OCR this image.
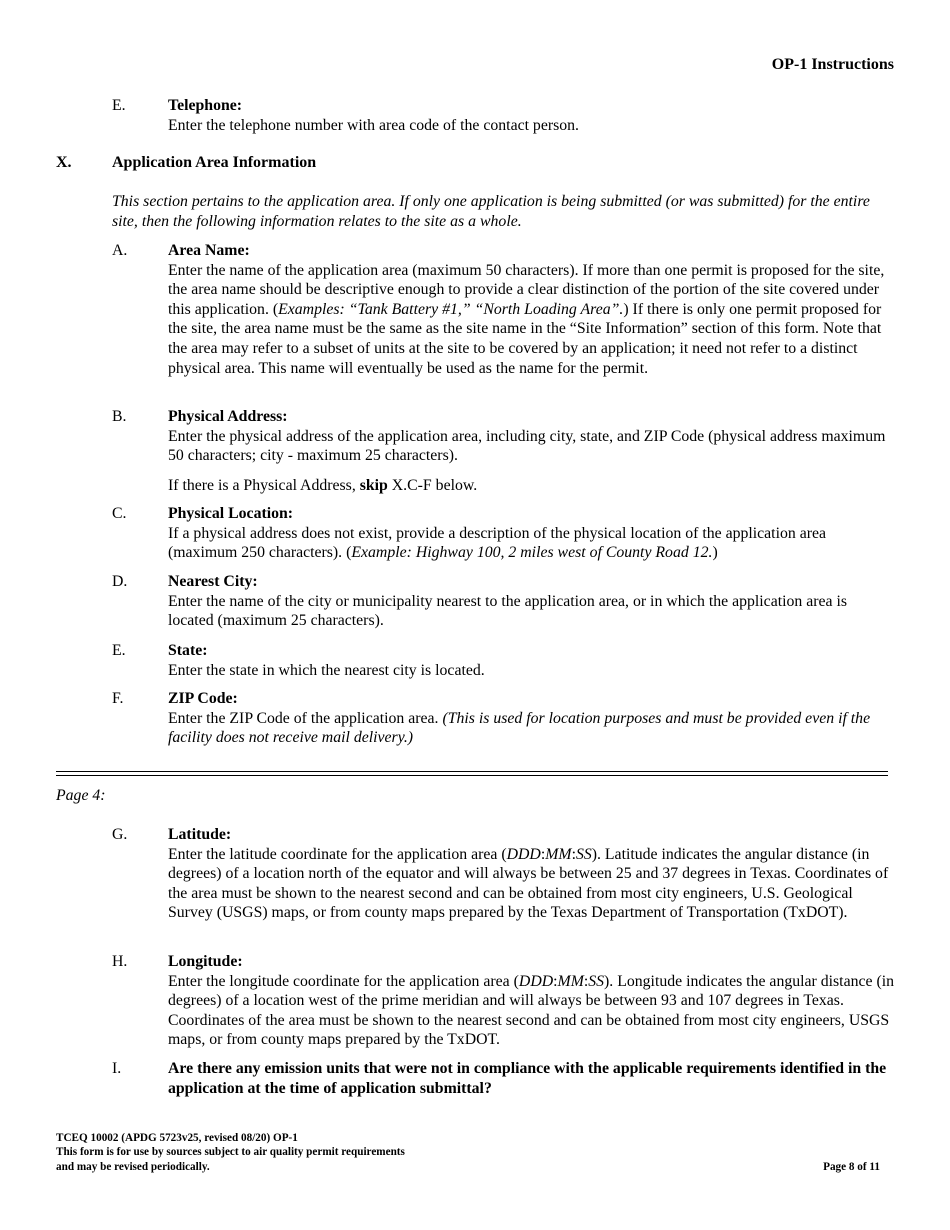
OP-1 Instructions
E.	Telephone:

Enter the telephone number with area code of the contact person.

X.	Application Area Information

This section pertains to the application area. If only one application is being submitted (or was submitted) for the entire site, then the following information relates to the site as a whole.

A.	Area Name:

Enter the name of the application area (maximum 50 characters). If more than one permit is proposed for the site, the area name should be descriptive enough to provide a clear distinction of the portion of the site covered under this application. (Examples: “Tank Battery #1,” “North Loading Area”.) If there is only one permit proposed for the site, the area name must be the same as the site name in the “Site Information” section of this form. Note that the area may refer to a subset of units at the site to be covered by an application; it need not refer to a distinct physical area. This name will eventually be used as the name for the permit.

B.	Physical Address:

Enter the physical address of the application area, including city, state, and ZIP Code (physical address maximum 50 characters; city - maximum 25 characters).

If there is a Physical Address, skip X.C-F below.

C.	Physical Location:

If a physical address does not exist, provide a description of the physical location of the application area (maximum 250 characters). (Example: Highway 100, 2 miles west of County Road 12.)

D.	Nearest City:

Enter the name of the city or municipality nearest to the application area, or in which the application area is located (maximum 25 characters).

E.	State:

Enter the state in which the nearest city is located.

F.	ZIP Code:

Enter the ZIP Code of the application area. (This is used for location purposes and must be provided even if the facility does not receive mail delivery.)

Page 4:
G.	Latitude:

Enter the latitude coordinate for the application area (DDD:MM:SS). Latitude indicates the angular distance (in degrees) of a location north of the equator and will always be between 25 and 37 degrees in Texas. Coordinates of the area must be shown to the nearest second and can be obtained from most city engineers, U.S. Geological Survey (USGS) maps, or from county maps prepared by the Texas Department of Transportation (TxDOT).

H.	Longitude:

Enter the longitude coordinate for the application area (DDD:MM:SS). Longitude indicates the angular distance (in degrees) of a location west of the prime meridian and will always be between 93 and 107 degrees in Texas. Coordinates of the area must be shown to the nearest second and can be obtained from most city engineers, USGS maps, or from county maps prepared by the TxDOT.

I.	Are there any emission units that were not in compliance with the applicable requirements identified in the application at the time of application submittal?

TCEQ 10002 (APDG 5723v25, revised 08/20) OP-1
This form is for use by sources subject to air quality permit requirements
and may be revised periodically.	Page 8 of 11
